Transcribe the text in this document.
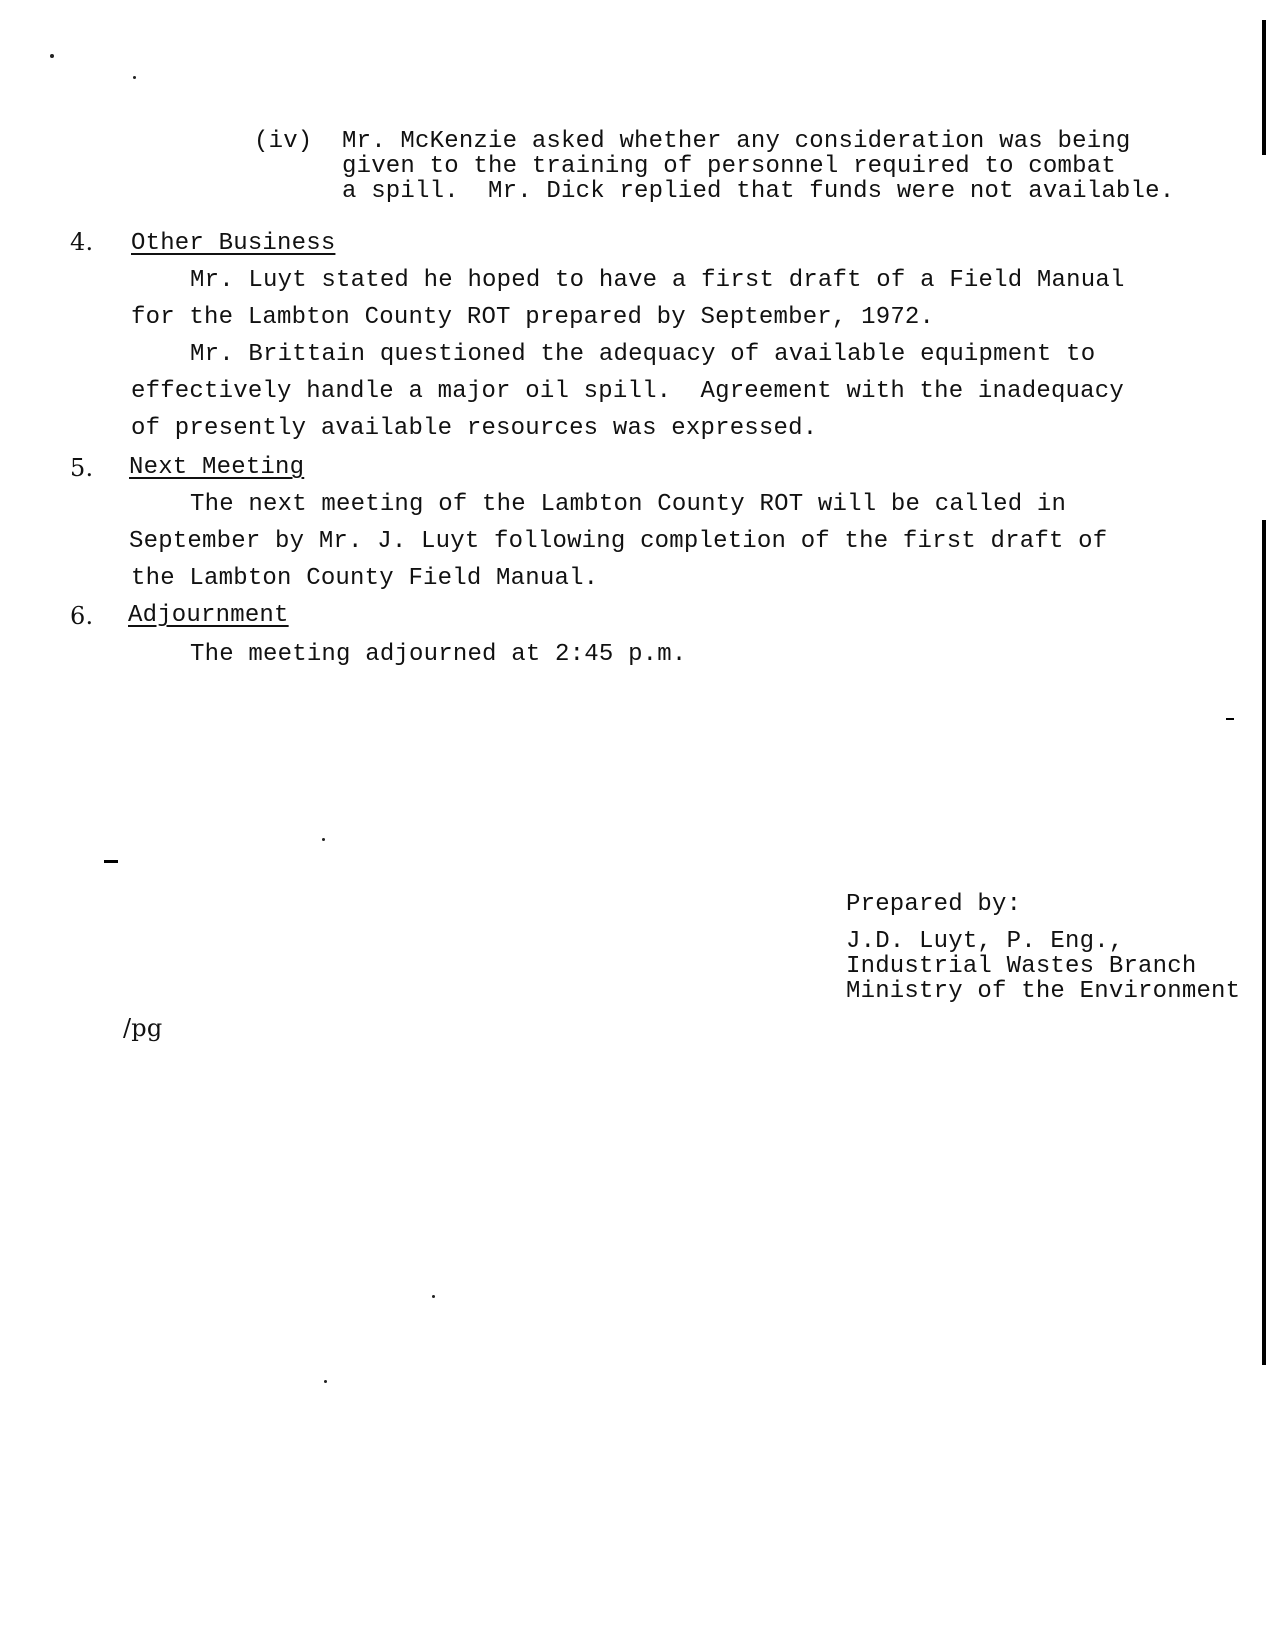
(iv) Mr. McKenzie asked whether any consideration was being
given to the training of personnel required to combat
a spill.  Mr. Dick replied that funds were not available.
4. Other Business
Mr. Luyt stated he hoped to have a first draft of a Field Manual
for the Lambton County ROT prepared by September, 1972.
Mr. Brittain questioned the adequacy of available equipment to
effectively handle a major oil spill.  Agreement with the inadequacy
of presently available resources was expressed.
5. Next Meeting
The next meeting of the Lambton County ROT will be called in
September by Mr. J. Luyt following completion of the first draft of
the Lambton County Field Manual.
6. Adjournment
The meeting adjourned at 2:45 p.m.
Prepared by:
J.D. Luyt, P. Eng.,
Industrial Wastes Branch
Ministry of the Environment
/pg
